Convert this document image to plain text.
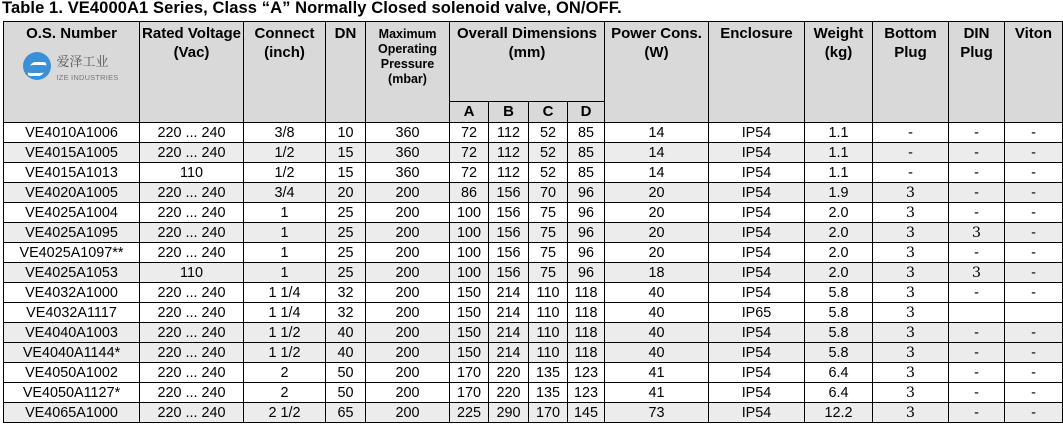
Table 1. VE4000A1 Series, Class “A” Normally Closed solenoid valve, ON/OFF.
O.S. Number
爱泽工业
IZE INDUSTRIES	Rated Voltage (Vac)	Connect (inch)	DN	Maximum Operating Pressure (mbar)	Overall Dimensions (mm)				Power Cons. (W)	Enclosure	Weight (kg)	Bottom Plug	DIN Plug	Viton
					A	B	C	D						
VE4010A1006	220 ... 240	3/8	10	360	72	112	52	85	14	IP54	1.1	-	-	-
VE4015A1005	220 ... 240	1/2	15	360	72	112	52	85	14	IP54	1.1	-	-	-
VE4015A1013	110	1/2	15	360	72	112	52	85	14	IP54	1.1	-	-	-
VE4020A1005	220 ... 240	3/4	20	200	86	156	70	96	20	IP54	1.9	3	-	-
VE4025A1004	220 ... 240	1	25	200	100	156	75	96	20	IP54	2.0	3	-	-
VE4025A1095	220 ... 240	1	25	200	100	156	75	96	20	IP54	2.0	3	3	-
VE4025A1097**	220 ... 240	1	25	200	100	156	75	96	20	IP54	2.0	3	-	-
VE4025A1053	110	1	25	200	100	156	75	96	18	IP54	2.0	3	3	-
VE4032A1000	220 ... 240	1 1/4	32	200	150	214	110	118	40	IP54	5.8	3	-	-
VE4032A1117	220 ... 240	1 1/4	32	200	150	214	110	118	40	IP65	5.8	3		
VE4040A1003	220 ... 240	1 1/2	40	200	150	214	110	118	40	IP54	5.8	3	-	-
VE4040A1144*	220 ... 240	1 1/2	40	200	150	214	110	118	40	IP54	5.8	3	-	-
VE4050A1002	220 ... 240	2	50	200	170	220	135	123	41	IP54	6.4	3	-	-
VE4050A1127*	220 ... 240	2	50	200	170	220	135	123	41	IP54	6.4	3	-	-
VE4065A1000	220 ... 240	2 1/2	65	200	225	290	170	145	73	IP54	12.2	3	-	-
